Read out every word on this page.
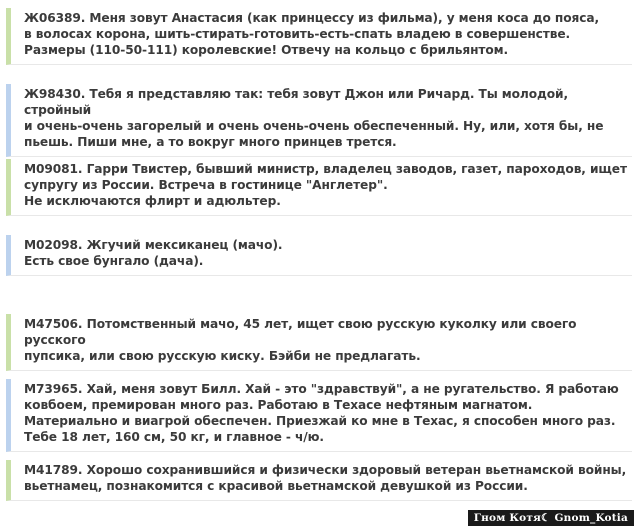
Ж06389. Меня зовут Анастасия (как принцессу из фильма), у меня коса до пояса,
в волосах корона, шить-стирать-готовить-есть-спать владею в совершенстве.
Размеры (110-50-111) королевские! Отвечу на кольцо с брильянтом.

Ж98430. Тебя я представляю так: тебя зовут Джон или Ричард. Ты молодой, стройный
и очень-очень загорелый и очень очень-очень обеспеченный. Ну, или, хотя бы, не
пьешь. Пиши мне, а то вокруг много принцев трется.

М09081. Гарри Твистер, бывший министр, владелец заводов, газет, пароходов, ищет
супругу из России. Встреча в гостинице "Англетер".
Не исключаются флирт и адюльтер.

М02098. Жгучий мексиканец (мачо).
Есть свое бунгало (дача).

М47506. Потомственный мачо, 45 лет, ищет свою русскую куколку или своего русского
пупсика, или свою русскую киску. Бэйби не предлагать.

М73965. Хай, меня зовут Билл. Хай - это "здравствуй", а не ругательство. Я работаю
ковбоем, премирован много раз. Работаю в Техасе нефтяным магнатом.
Материально и виагрой обеспечен. Приезжай ко мне в Техас, я способен много раз.
Тебе 18 лет, 160 см, 50 кг, и главное - ч/ю.

М41789. Хорошо сохранившийся и физически здоровый ветеран вьетнамской войны,
вьетнамец, познакомится с красивой вьетнамской девушкой из России.

Гном Котя☾ Gnom_Kotia
